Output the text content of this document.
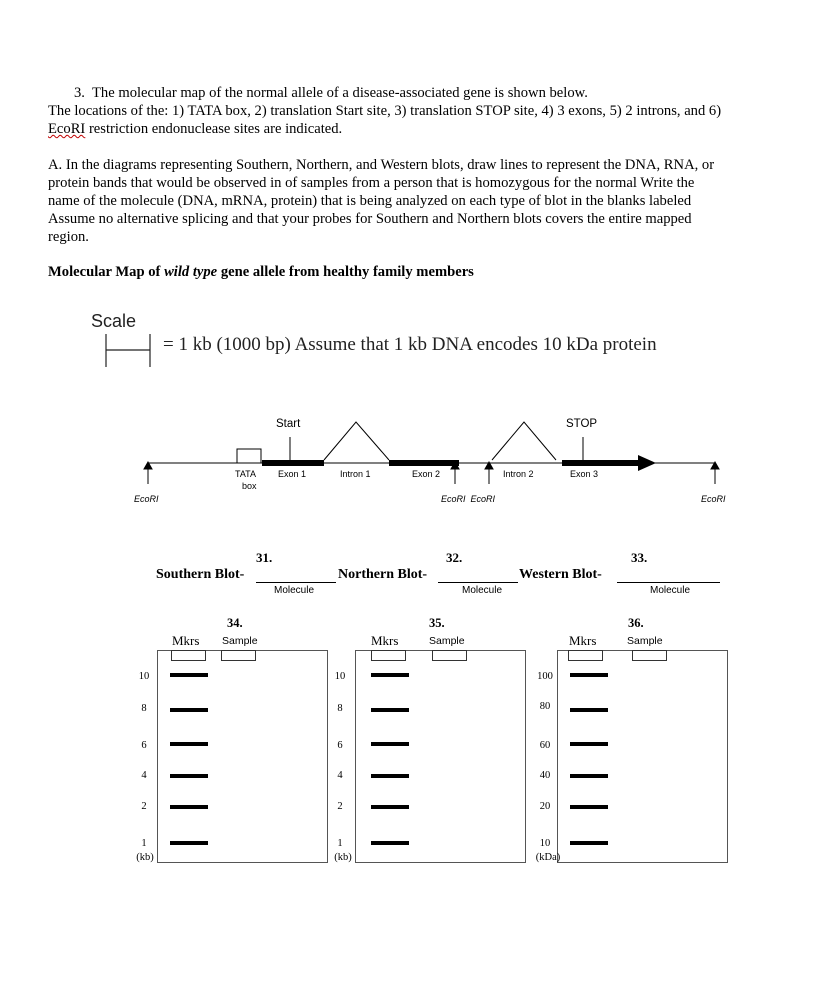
3. The molecular map of the normal allele of a disease-associated gene is shown below.
The locations of the: 1) TATA box, 2) translation Start site, 3) translation STOP site, 4) 3 exons, 5) 2 introns, and 6)
EcoRI restriction endonuclease sites are indicated.
A. In the diagrams representing Southern, Northern, and Western blots, draw lines to represent the DNA, RNA, or
protein bands that would be observed in of samples from a person that is homozygous for the normal Write the
name of the molecule (DNA, mRNA, protein) that is being analyzed on each type of blot in the blanks labeled
Assume no alternative splicing and that your probes for Southern and Northern blots covers the entire mapped
region.
Molecular Map of wild type gene allele from healthy family members
Scale
= 1 kb (1000 bp) Assume that 1 kb DNA encodes 10 kDa protein
Start	STOP
TATA
box
Exon 1	Intron 1	Exon 2	Intron 2	Exon 3
EcoRI	EcoRI  EcoRI	EcoRI
31.	32.	33.
Southern Blot-	Northern Blot-	Western Blot-
Molecule	Molecule	Molecule
34.	35.	36.
Mkrs Sample	Mkrs	Sample	Mkrs	Sample
10
8
6
4
2
1
(kb)
10
8
6
4
2
1
(kb)
100
80
60
40
20
10
(kDa)
